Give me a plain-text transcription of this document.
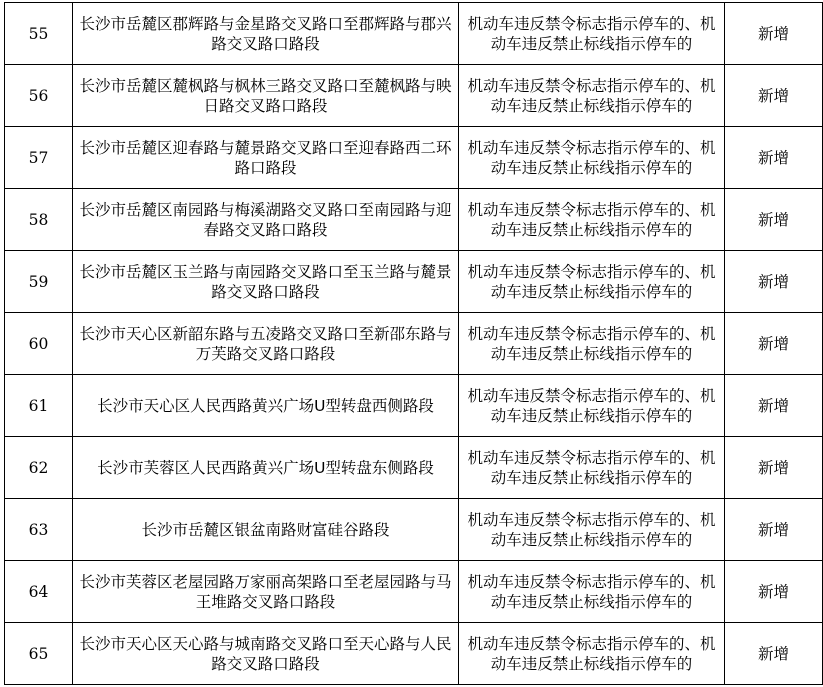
55	长沙市岳麓区郡辉路与金星路交叉路口至郡辉路与郡兴路交叉路口路段	机动车违反禁令标志指示停车的、机动车违反禁止标线指示停车的	新增
56	长沙市岳麓区麓枫路与枫林三路交叉路口至麓枫路与映日路交叉路口路段	机动车违反禁令标志指示停车的、机动车违反禁止标线指示停车的	新增
57	长沙市岳麓区迎春路与麓景路交叉路口至迎春路西二环路口路段	机动车违反禁令标志指示停车的、机动车违反禁止标线指示停车的	新增
58	长沙市岳麓区南园路与梅溪湖路交叉路口至南园路与迎春路交叉路口路段	机动车违反禁令标志指示停车的、机动车违反禁止标线指示停车的	新增
59	长沙市岳麓区玉兰路与南园路交叉路口至玉兰路与麓景路交叉路口路段	机动车违反禁令标志指示停车的、机动车违反禁止标线指示停车的	新增
60	长沙市天心区新韶东路与五凌路交叉路口至新邵东路与万芙路交叉路口路段	机动车违反禁令标志指示停车的、机动车违反禁止标线指示停车的	新增
61	长沙市天心区人民西路黄兴广场U型转盘西侧路段	机动车违反禁令标志指示停车的、机动车违反禁止标线指示停车的	新增
62	长沙市芙蓉区人民西路黄兴广场U型转盘东侧路段	机动车违反禁令标志指示停车的、机动车违反禁止标线指示停车的	新增
63	长沙市岳麓区银盆南路财富硅谷路段	机动车违反禁令标志指示停车的、机动车违反禁止标线指示停车的	新增
64	长沙市芙蓉区老屋园路万家丽高架路口至老屋园路与马王堆路交叉路口路段	机动车违反禁令标志指示停车的、机动车违反禁止标线指示停车的	新增
65	长沙市天心区天心路与城南路交叉路口至天心路与人民路交叉路口路段	机动车违反禁令标志指示停车的、机动车违反禁止标线指示停车的	新增
